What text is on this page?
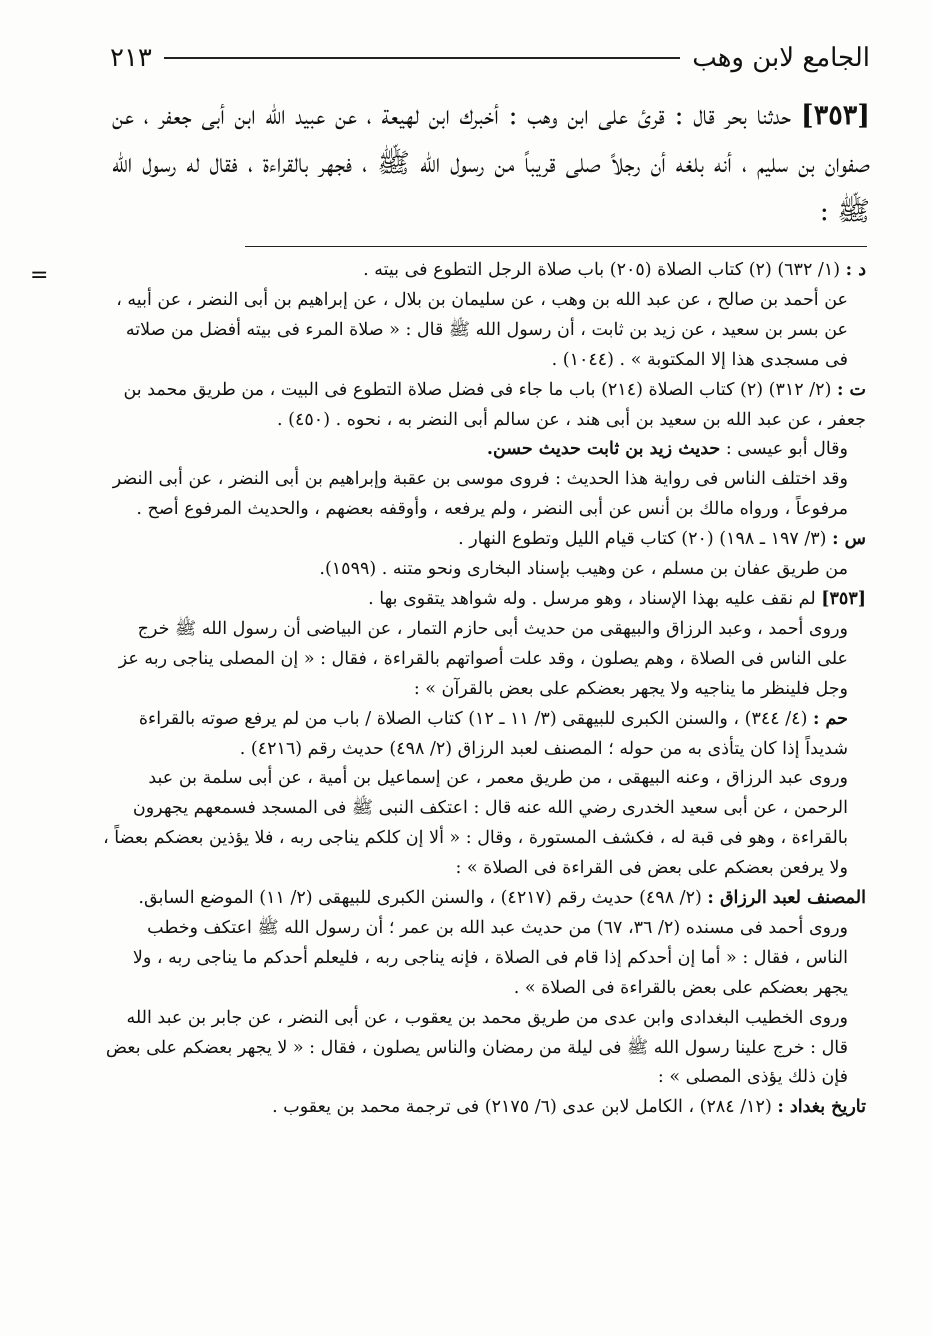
الجامع لابن وهب
٢١٣
[٣٥٣] حدثنا بحر قال : قرئ على ابن وهب : أخبرك ابن لهيعة ، عن عبيد الله ابن أبى جعفر ، عن صفوان بن سليم ، أنه بلغه أن رجلاً صلى قريباً من رسول الله ﷺ ، فجهر بالقراءة ، فقال له رسول الله ﷺ :
=	د : (١/ ٦٣٢) (٢) كتاب الصلاة (٢٠٥) باب صلاة الرجل التطوع فى بيته .

عن أحمد بن صالح ، عن عبد الله بن وهب ، عن سليمان بن بلال ، عن إبراهيم بن أبى النضر ، عن أبيه ، عن بسر بن سعيد ، عن زيد بن ثابت ، أن رسول الله ﷺ قال : « صلاة المرء فى بيته أفضل من صلاته فى مسجدى هذا إلا المكتوبة » . (١٠٤٤) .

ت : (٢/ ٣١٢) (٢) كتاب الصلاة (٢١٤) باب ما جاء فى فضل صلاة التطوع فى البيت ، من طريق محمد بن جعفر ، عن عبد الله بن سعيد بن أبى هند ، عن سالم أبى النضر به ، نحوه . (٤٥٠) .

وقال أبو عيسى : حديث زيد بن ثابت حديث حسن.

وقد اختلف الناس فى رواية هذا الحديث : فروى موسى بن عقبة وإبراهيم بن أبى النضر ، عن أبى النضر مرفوعاً ، ورواه مالك بن أنس عن أبى النضر ، ولم يرفعه ، وأوقفه بعضهم ، والحديث المرفوع أصح .

س : (٣/ ١٩٧ ـ ١٩٨) (٢٠) كتاب قيام الليل وتطوع النهار .

من طريق عفان بن مسلم ، عن وهيب بإسناد البخارى ونحو متنه . (١٥٩٩).

[٣٥٣] لم نقف عليه بهذا الإسناد ، وهو مرسل . وله شواهد يتقوى بها .

وروى أحمد ، وعبد الرزاق والبيهقى من حديث أبى حازم التمار ، عن البياضى أن رسول الله ﷺ خرج على الناس فى الصلاة ، وهم يصلون ، وقد علت أصواتهم بالقراءة ، فقال : « إن المصلى يناجى ربه عز وجل فلينظر ما يناجيه ولا يجهر بعضكم على بعض بالقرآن » :

حم : (٤/ ٣٤٤) ، والسنن الكبرى للبيهقى (٣/ ١١ ـ ١٢) كتاب الصلاة / باب من لم يرفع صوته بالقراءة شديداً إذا كان يتأذى به من حوله ؛ المصنف لعبد الرزاق (٢/ ٤٩٨) حديث رقم (٤٢١٦) .

وروى عبد الرزاق ، وعنه البيهقى ، من طريق معمر ، عن إسماعيل بن أمية ، عن أبى سلمة بن عبد الرحمن ، عن أبى سعيد الخدرى رضي الله عنه قال : اعتكف النبى ﷺ فى المسجد فسمعهم يجهرون بالقراءة ، وهو فى قبة له ، فكشف المستورة ، وقال : « ألا إن كلكم يناجى ربه ، فلا يؤذين بعضكم بعضاً ، ولا يرفعن بعضكم على بعض فى القراءة فى الصلاة » :

المصنف لعبد الرزاق : (٢/ ٤٩٨) حديث رقم (٤٢١٧) ، والسنن الكبرى للبيهقى (٢/ ١١) الموضع السابق.

وروى أحمد فى مسنده (٢/ ٣٦، ٦٧) من حديث عبد الله بن عمر ؛ أن رسول الله ﷺ اعتكف وخطب الناس ، فقال : « أما إن أحدكم إذا قام فى الصلاة ، فإنه يناجى ربه ، فليعلم أحدكم ما يناجى ربه ، ولا يجهر بعضكم على بعض بالقراءة فى الصلاة » .

وروى الخطيب البغدادى وابن عدى من طريق محمد بن يعقوب ، عن أبى النضر ، عن جابر بن عبد الله قال : خرج علينا رسول الله ﷺ فى ليلة من رمضان والناس يصلون ، فقال : « لا يجهر بعضكم على بعض فإن ذلك يؤذى المصلى » :

تاريخ بغداد : (١٢/ ٢٨٤) ، الكامل لابن عدى (٦/ ٢١٧٥) فى ترجمة محمد بن يعقوب .
